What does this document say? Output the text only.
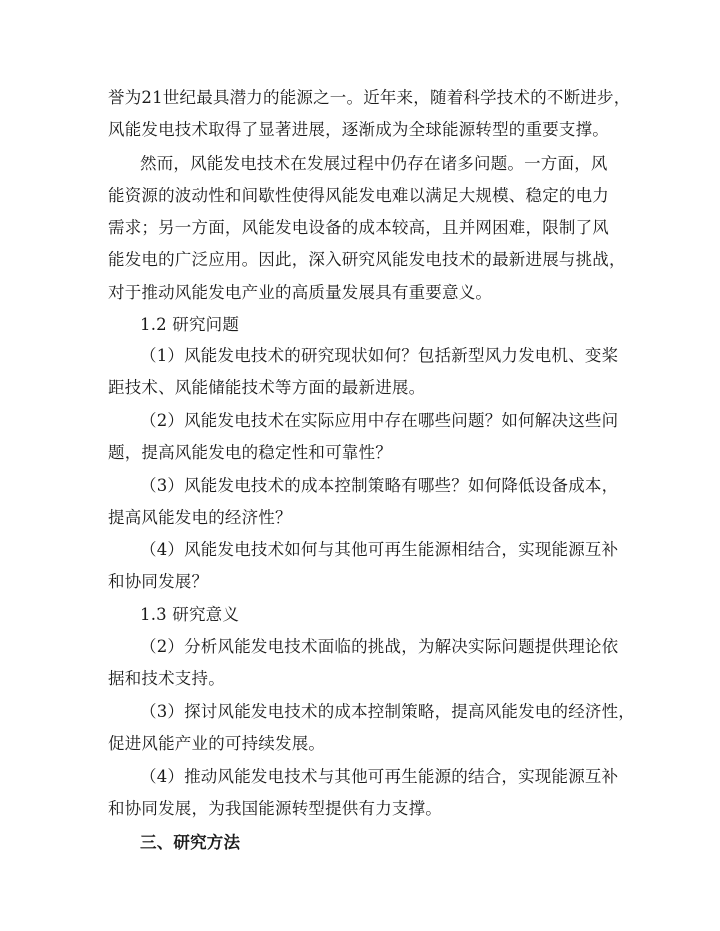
誉为21世纪最具潜力的能源之一。近年来，随着科学技术的不断进步，
风能发电技术取得了显著进展，逐渐成为全球能源转型的重要支撑。
然而，风能发电技术在发展过程中仍存在诸多问题。一方面，风
能资源的波动性和间歇性使得风能发电难以满足大规模、稳定的电力
需求；另一方面，风能发电设备的成本较高，且并网困难，限制了风
能发电的广泛应用。因此，深入研究风能发电技术的最新进展与挑战，
对于推动风能发电产业的高质量发展具有重要意义。
1.2 研究问题
（1）风能发电技术的研究现状如何？包括新型风力发电机、变桨
距技术、风能储能技术等方面的最新进展。
（2）风能发电技术在实际应用中存在哪些问题？如何解决这些问
题，提高风能发电的稳定性和可靠性？
（3）风能发电技术的成本控制策略有哪些？如何降低设备成本，
提高风能发电的经济性？
（4）风能发电技术如何与其他可再生能源相结合，实现能源互补
和协同发展？
1.3 研究意义
（2）分析风能发电技术面临的挑战，为解决实际问题提供理论依
据和技术支持。
（3）探讨风能发电技术的成本控制策略，提高风能发电的经济性，
促进风能产业的可持续发展。
（4）推动风能发电技术与其他可再生能源的结合，实现能源互补
和协同发展，为我国能源转型提供有力支撑。
三、研究方法
